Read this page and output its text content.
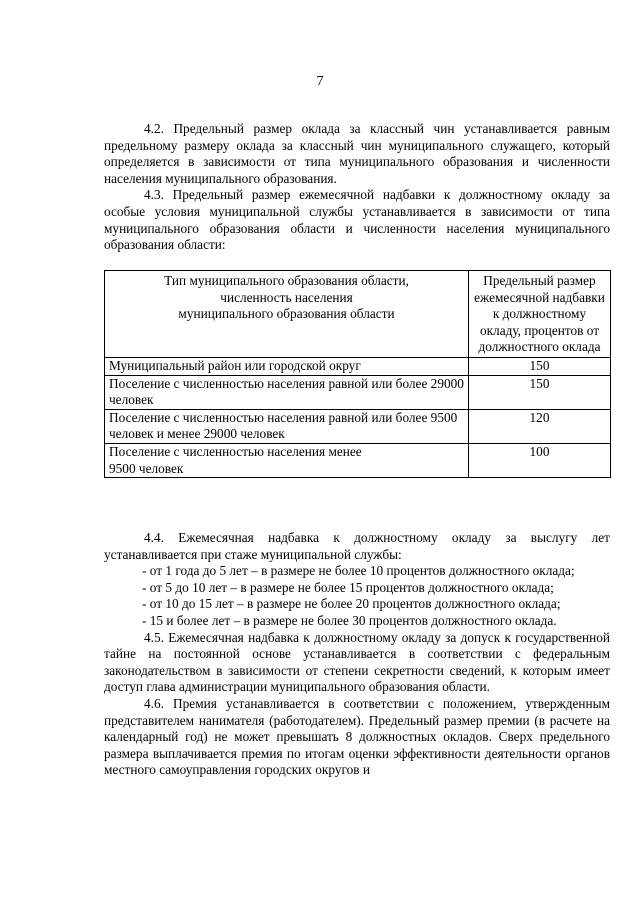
7

4.2. Предельный размер оклада за классный чин устанавливается равным предельному размеру оклада за классный чин муниципального служащего, который определяется в зависимости от типа муниципального образования и численности населения муниципального образования.

4.3. Предельный размер ежемесячной надбавки к должностному окладу за особые условия муниципальной службы устанавливается в зависимости от типа муниципального образования области и численности населения муниципального образования области:

Тип муниципального образования области,
численность населения
муниципального образования области	Предельный размер ежемесячной надбавки к должностному окладу, процентов от должностного оклада
Муниципальный район или городской округ	150
Поселение с численностью населения равной или более 29000 человек	150
Поселение с численностью населения равной или более 9500 человек и менее 29000 человек	120
Поселение с численностью населения менее
9500 человек	100

4.4. Ежемесячная надбавка к должностному окладу за выслугу лет устанавливается при стаже муниципальной службы:

- от 1 года до 5 лет – в размере не более 10 процентов должностного оклада;

- от 5 до 10 лет – в размере не более 15 процентов должностного оклада;

- от 10 до 15 лет – в размере не более 20 процентов должностного оклада;

- 15 и более лет – в размере не более 30 процентов должностного оклада.

4.5. Ежемесячная надбавка к должностному окладу за допуск к государственной тайне на постоянной основе устанавливается в соответствии с федеральным законодательством в зависимости от степени секретности сведений, к которым имеет доступ глава администрации муниципального образования области.

4.6. Премия устанавливается в соответствии с положением, утвержденным представителем нанимателя (работодателем). Предельный размер премии (в расчете на календарный год) не может превышать 8 должностных окладов. Сверх предельного размера выплачивается премия по итогам оценки эффективности деятельности органов местного самоуправления городских округов и
